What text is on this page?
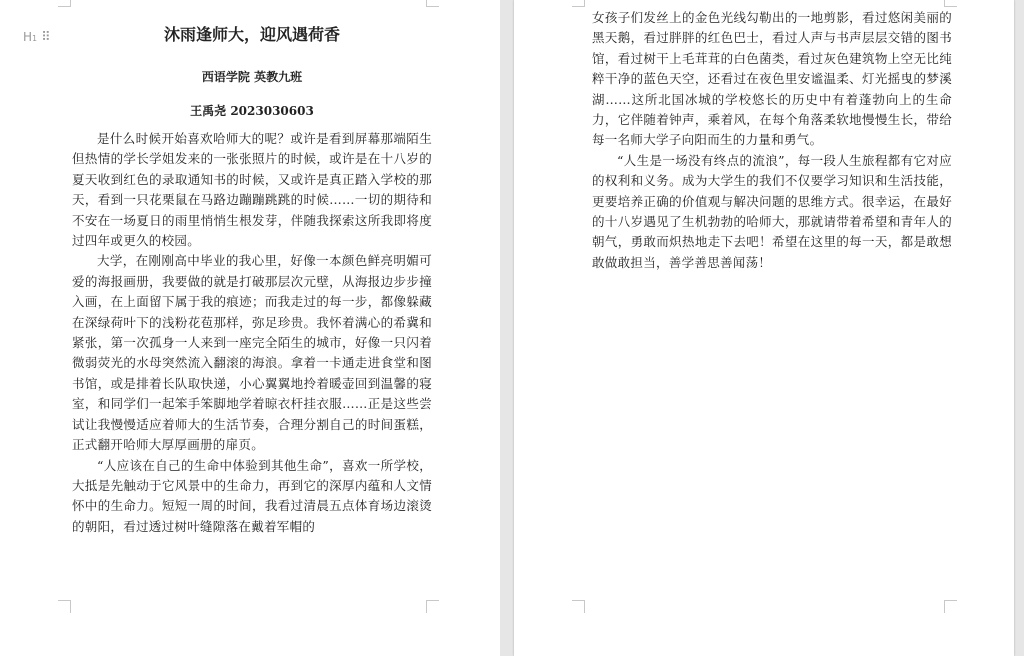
H1 ⠿	沐雨逢师大，迎风遇荷香

西语学院 英教九班

王禹尧 2023030603

是什么时候开始喜欢哈师大的呢？或许是看到屏幕那端陌生但热情的学长学姐发来的一张张照片的时候，或许是在十八岁的夏天收到红色的录取通知书的时候，又或许是真正踏入学校的那天，看到一只花栗鼠在马路边蹦蹦跳跳的时候……一切的期待和不安在一场夏日的雨里悄悄生根发芽，伴随我探索这所我即将度过四年或更久的校园。

大学，在刚刚高中毕业的我心里，好像一本颜色鲜亮明媚可爱的海报画册，我要做的就是打破那层次元壁，从海报边步步撞入画，在上面留下属于我的痕迹；而我走过的每一步，都像躲藏在深绿荷叶下的浅粉花苞那样，弥足珍贵。我怀着满心的希冀和紧张，第一次孤身一人来到一座完全陌生的城市，好像一只闪着微弱荧光的水母突然流入翻滚的海浪。拿着一卡通走进食堂和图书馆，或是排着长队取快递，小心翼翼地拎着暖壶回到温馨的寝室，和同学们一起笨手笨脚地学着晾衣杆挂衣服……正是这些尝试让我慢慢适应着师大的生活节奏，合理分割自己的时间蛋糕，正式翻开哈师大厚厚画册的扉页。

“人应该在自己的生命中体验到其他生命”，喜欢一所学校，大抵是先触动于它风景中的生命力，再到它的深厚内蕴和人文情怀中的生命力。短短一周的时间，我看过清晨五点体育场边滚烫的朝阳，看过透过树叶缝隙落在戴着军帽的

女孩子们发丝上的金色光线勾勒出的一地剪影，看过悠闲美丽的黑天鹅，看过胖胖的红色巴士，看过人声与书声层层交错的图书馆，看过树干上毛茸茸的白色菌类，看过灰色建筑物上空无比纯粹干净的蓝色天空，还看过在夜色里安谧温柔、灯光摇曳的梦溪湖……这所北国冰城的学校悠长的历史中有着蓬勃向上的生命力，它伴随着钟声，乘着风，在每个角落柔软地慢慢生长，带给每一名师大学子向阳而生的力量和勇气。

“人生是一场没有终点的流浪”，每一段人生旅程都有它对应的权利和义务。成为大学生的我们不仅要学习知识和生活技能，更要培养正确的价值观与解决问题的思维方式。很幸运，在最好的十八岁遇见了生机勃勃的哈师大，那就请带着希望和青年人的朝气，勇敢而炽热地走下去吧！希望在这里的每一天，都是敢想敢做敢担当，善学善思善闻荡！
